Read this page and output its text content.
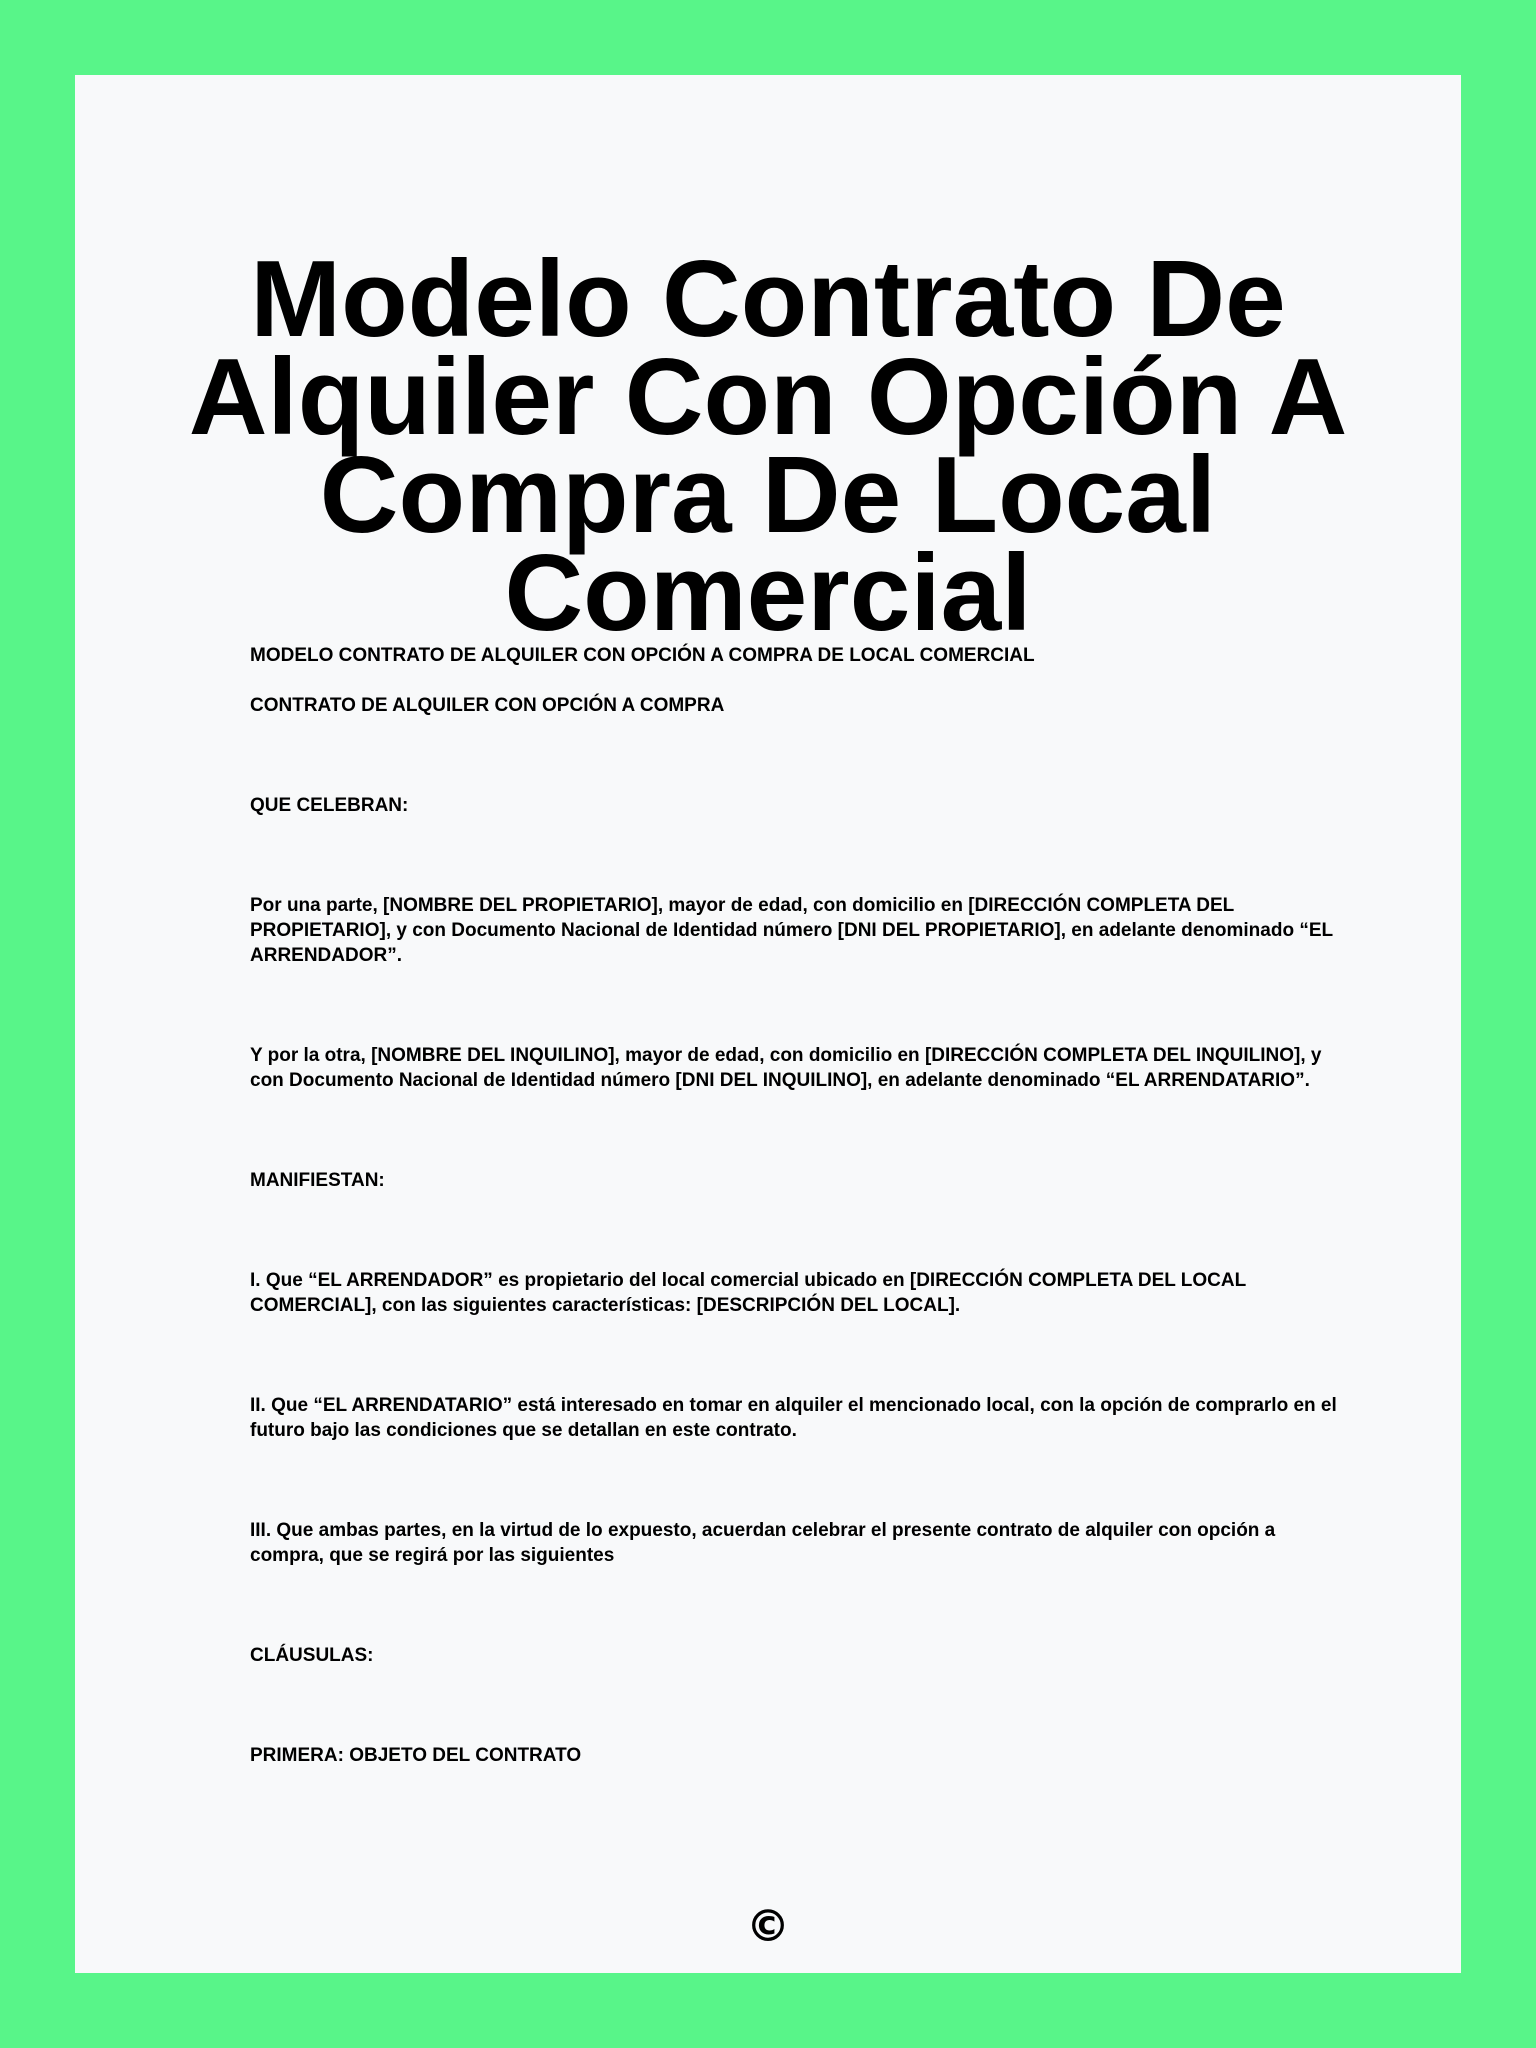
Modelo Contrato De Alquiler Con Opción A Compra De Local Comercial

MODELO CONTRATO DE ALQUILER CON OPCIÓN A COMPRA DE LOCAL COMERCIAL

CONTRATO DE ALQUILER CON OPCIÓN A COMPRA

QUE CELEBRAN:

Por una parte, [NOMBRE DEL PROPIETARIO], mayor de edad, con domicilio en [DIRECCIÓN COMPLETA DEL PROPIETARIO], y con Documento Nacional de Identidad número [DNI DEL PROPIETARIO], en adelante denominado “EL ARRENDADOR”.

Y por la otra, [NOMBRE DEL INQUILINO], mayor de edad, con domicilio en [DIRECCIÓN COMPLETA DEL INQUILINO], y con Documento Nacional de Identidad número [DNI DEL INQUILINO], en adelante denominado “EL ARRENDATARIO”.

MANIFIESTAN:

I. Que “EL ARRENDADOR” es propietario del local comercial ubicado en [DIRECCIÓN COMPLETA DEL LOCAL COMERCIAL], con las siguientes características: [DESCRIPCIÓN DEL LOCAL].

II. Que “EL ARRENDATARIO” está interesado en tomar en alquiler el mencionado local, con la opción de comprarlo en el futuro bajo las condiciones que se detallan en este contrato.

III. Que ambas partes, en la virtud de lo expuesto, acuerdan celebrar el presente contrato de alquiler con opción a compra, que se regirá por las siguientes

CLÁUSULAS:

PRIMERA: OBJETO DEL CONTRATO

©
